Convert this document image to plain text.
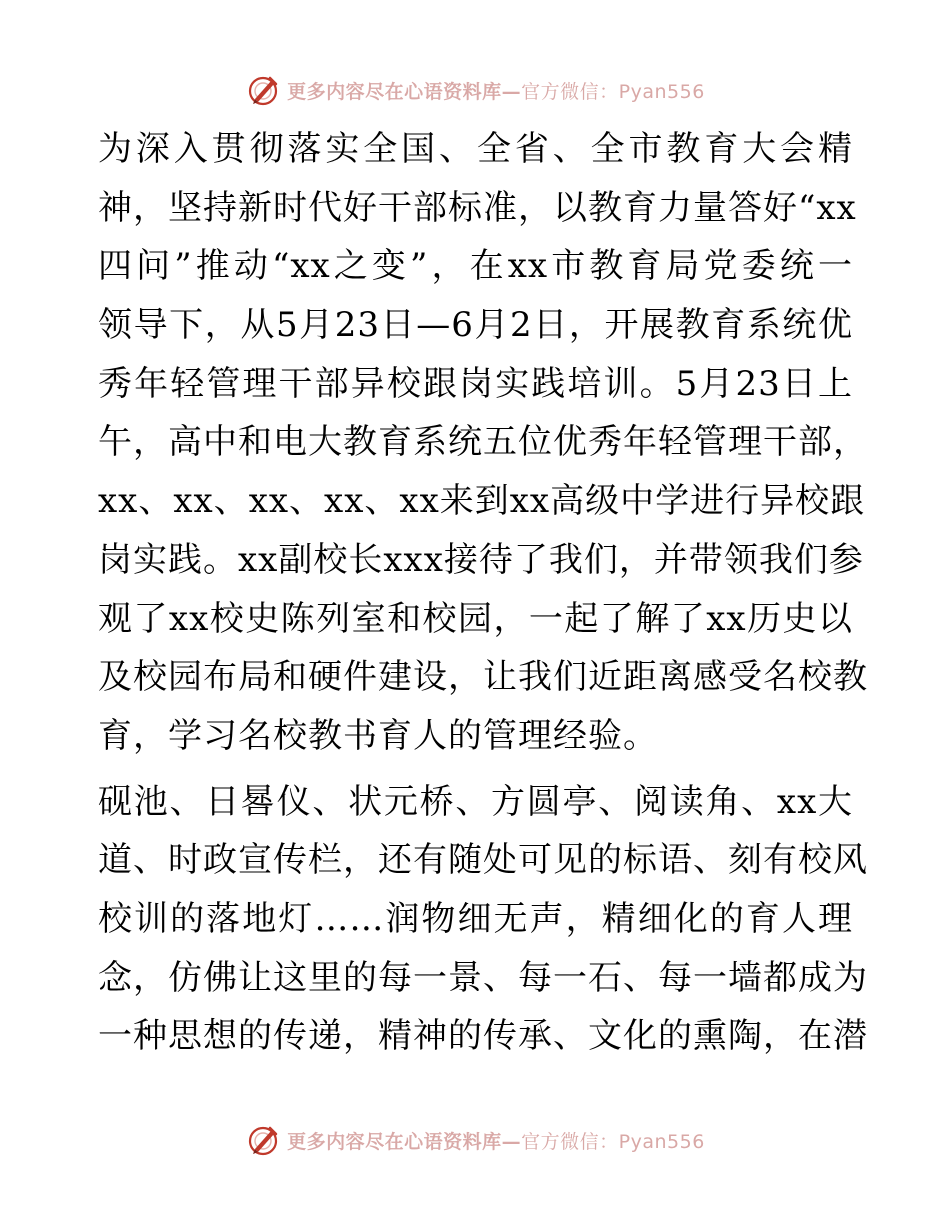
更多内容尽在心语资料库—官方微信：Pyan556
为深入贯彻落实全国、全省、全市教育大会精
神，坚持新时代好干部标准，以教育力量答好“xx
四问”推动“xx之变”，在xx市教育局党委统一
领导下，从5月23日—6月2日，开展教育系统优
秀年轻管理干部异校跟岗实践培训。5月23日上
午，高中和电大教育系统五位优秀年轻管理干部，
xx、xx、xx、xx、xx来到xx高级中学进行异校跟
岗实践。xx副校长xxx接待了我们，并带领我们参
观了xx校史陈列室和校园，一起了解了xx历史以
及校园布局和硬件建设，让我们近距离感受名校教
育，学习名校教书育人的管理经验。
砚池、日晷仪、状元桥、方圆亭、阅读角、xx大
道、时政宣传栏，还有随处可见的标语、刻有校风
校训的落地灯……润物细无声，精细化的育人理
念，仿佛让这里的每一景、每一石、每一墙都成为
一种思想的传递，精神的传承、文化的熏陶，在潜
更多内容尽在心语资料库—官方微信：Pyan556
